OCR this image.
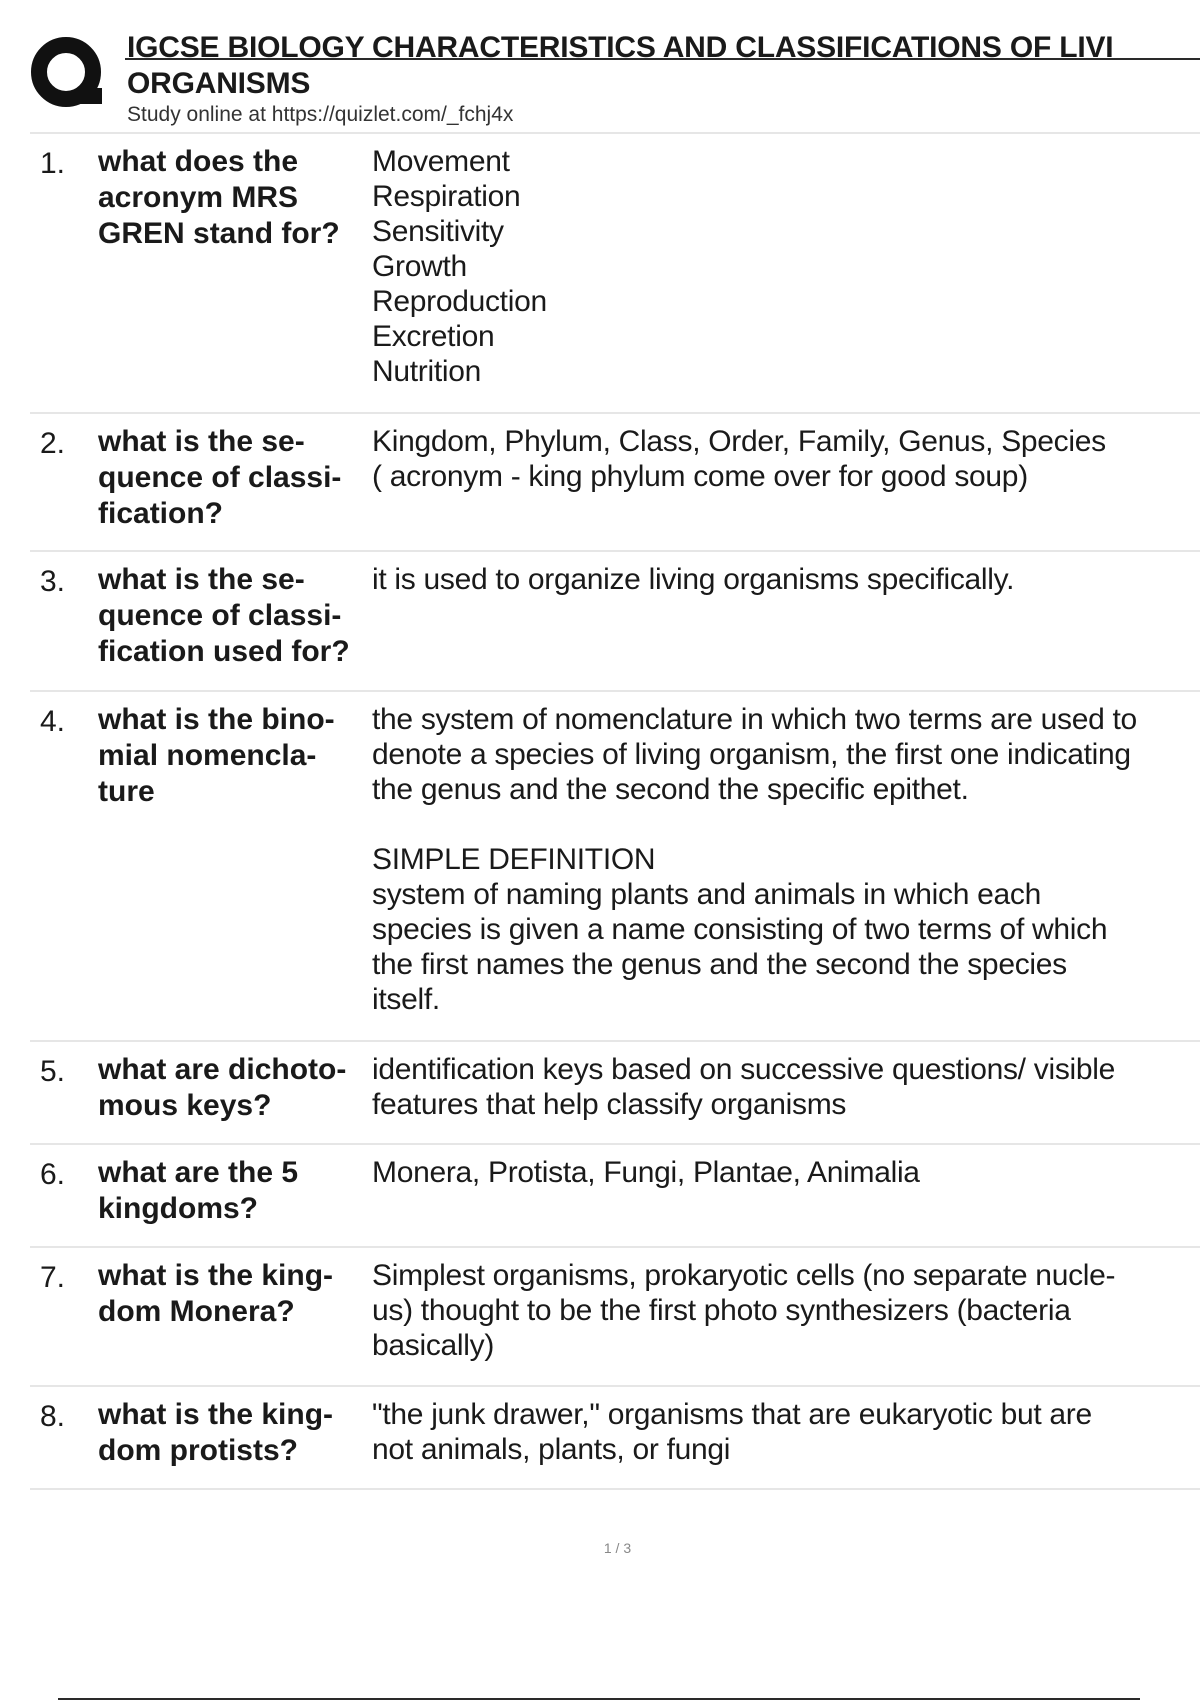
IGCSE BIOLOGY CHARACTERISTICS AND CLASSIFICATIONS OF LIVI
ORGANISMS
Study online at https://quizlet.com/_fchj4x
1. what does the
acronym MRS
GREN stand for?
Movement
Respiration
Sensitivity
Growth
Reproduction
Excretion
Nutrition
2. what is the se-
quence of classi-
fication?
Kingdom, Phylum, Class, Order, Family, Genus, Species
( acronym - king phylum come over for good soup)
3. what is the se-
quence of classi-
fication used for?
it is used to organize living organisms specifically.
4. what is the bino-
mial nomencla-
ture
the system of nomenclature in which two terms are used to
denote a species of living organism, the first one indicating
the genus and the second the specific epithet.

SIMPLE DEFINITION
system of naming plants and animals in which each
species is given a name consisting of two terms of which
the first names the genus and the second the species
itself.
5. what are dichoto-
mous keys?
identification keys based on successive questions/ visible
features that help classify organisms
6. what are the 5
kingdoms?
Monera, Protista, Fungi, Plantae, Animalia
7. what is the king-
dom Monera?
Simplest organisms, prokaryotic cells (no separate nucle-
us) thought to be the first photo synthesizers (bacteria
basically)
8. what is the king-
dom protists?
"the junk drawer," organisms that are eukaryotic but are
not animals, plants, or fungi
1 / 3
